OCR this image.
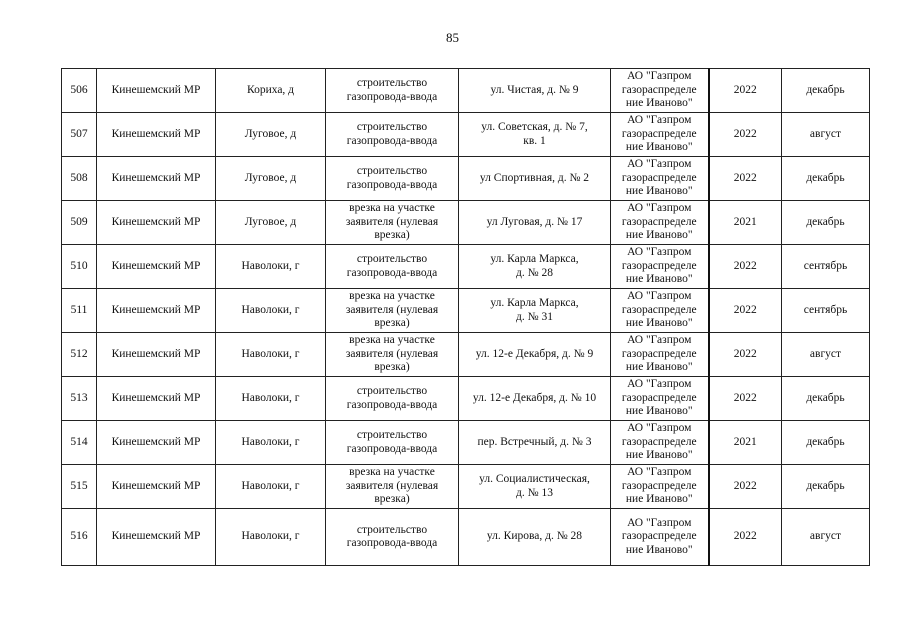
85
506	Кинешемский МР	Кориха, д	строительство
газопровода-ввода	ул. Чистая, д. № 9	АО "Газпром
газораспределе
ние Иваново"	2022	декабрь
507	Кинешемский МР	Луговое, д	строительство
газопровода-ввода	ул. Советская, д. № 7,
кв. 1	АО "Газпром
газораспределе
ние Иваново"	2022	август
508	Кинешемский МР	Луговое, д	строительство
газопровода-ввода	ул Спортивная, д. № 2	АО "Газпром
газораспределе
ние Иваново"	2022	декабрь
509	Кинешемский МР	Луговое, д	врезка на участке
заявителя (нулевая
врезка)	ул Луговая, д. № 17	АО "Газпром
газораспределе
ние Иваново"	2021	декабрь
510	Кинешемский МР	Наволоки, г	строительство
газопровода-ввода	ул. Карла Маркса,
д. № 28	АО "Газпром
газораспределе
ние Иваново"	2022	сентябрь
511	Кинешемский МР	Наволоки, г	врезка на участке
заявителя (нулевая
врезка)	ул. Карла Маркса,
д. № 31	АО "Газпром
газораспределе
ние Иваново"	2022	сентябрь
512	Кинешемский МР	Наволоки, г	врезка на участке
заявителя (нулевая
врезка)	ул. 12-е Декабря, д. № 9	АО "Газпром
газораспределе
ние Иваново"	2022	август
513	Кинешемский МР	Наволоки, г	строительство
газопровода-ввода	ул. 12-е Декабря, д. № 10	АО "Газпром
газораспределе
ние Иваново"	2022	декабрь
514	Кинешемский МР	Наволоки, г	строительство
газопровода-ввода	пер. Встречный, д. № 3	АО "Газпром
газораспределе
ние Иваново"	2021	декабрь
515	Кинешемский МР	Наволоки, г	врезка на участке
заявителя (нулевая
врезка)	ул. Социалистическая,
д. № 13	АО "Газпром
газораспределе
ние Иваново"	2022	декабрь
516	Кинешемский МР	Наволоки, г	строительство
газопровода-ввода	ул. Кирова, д. № 28	АО "Газпром
газораспределе
ние Иваново"	2022	август
